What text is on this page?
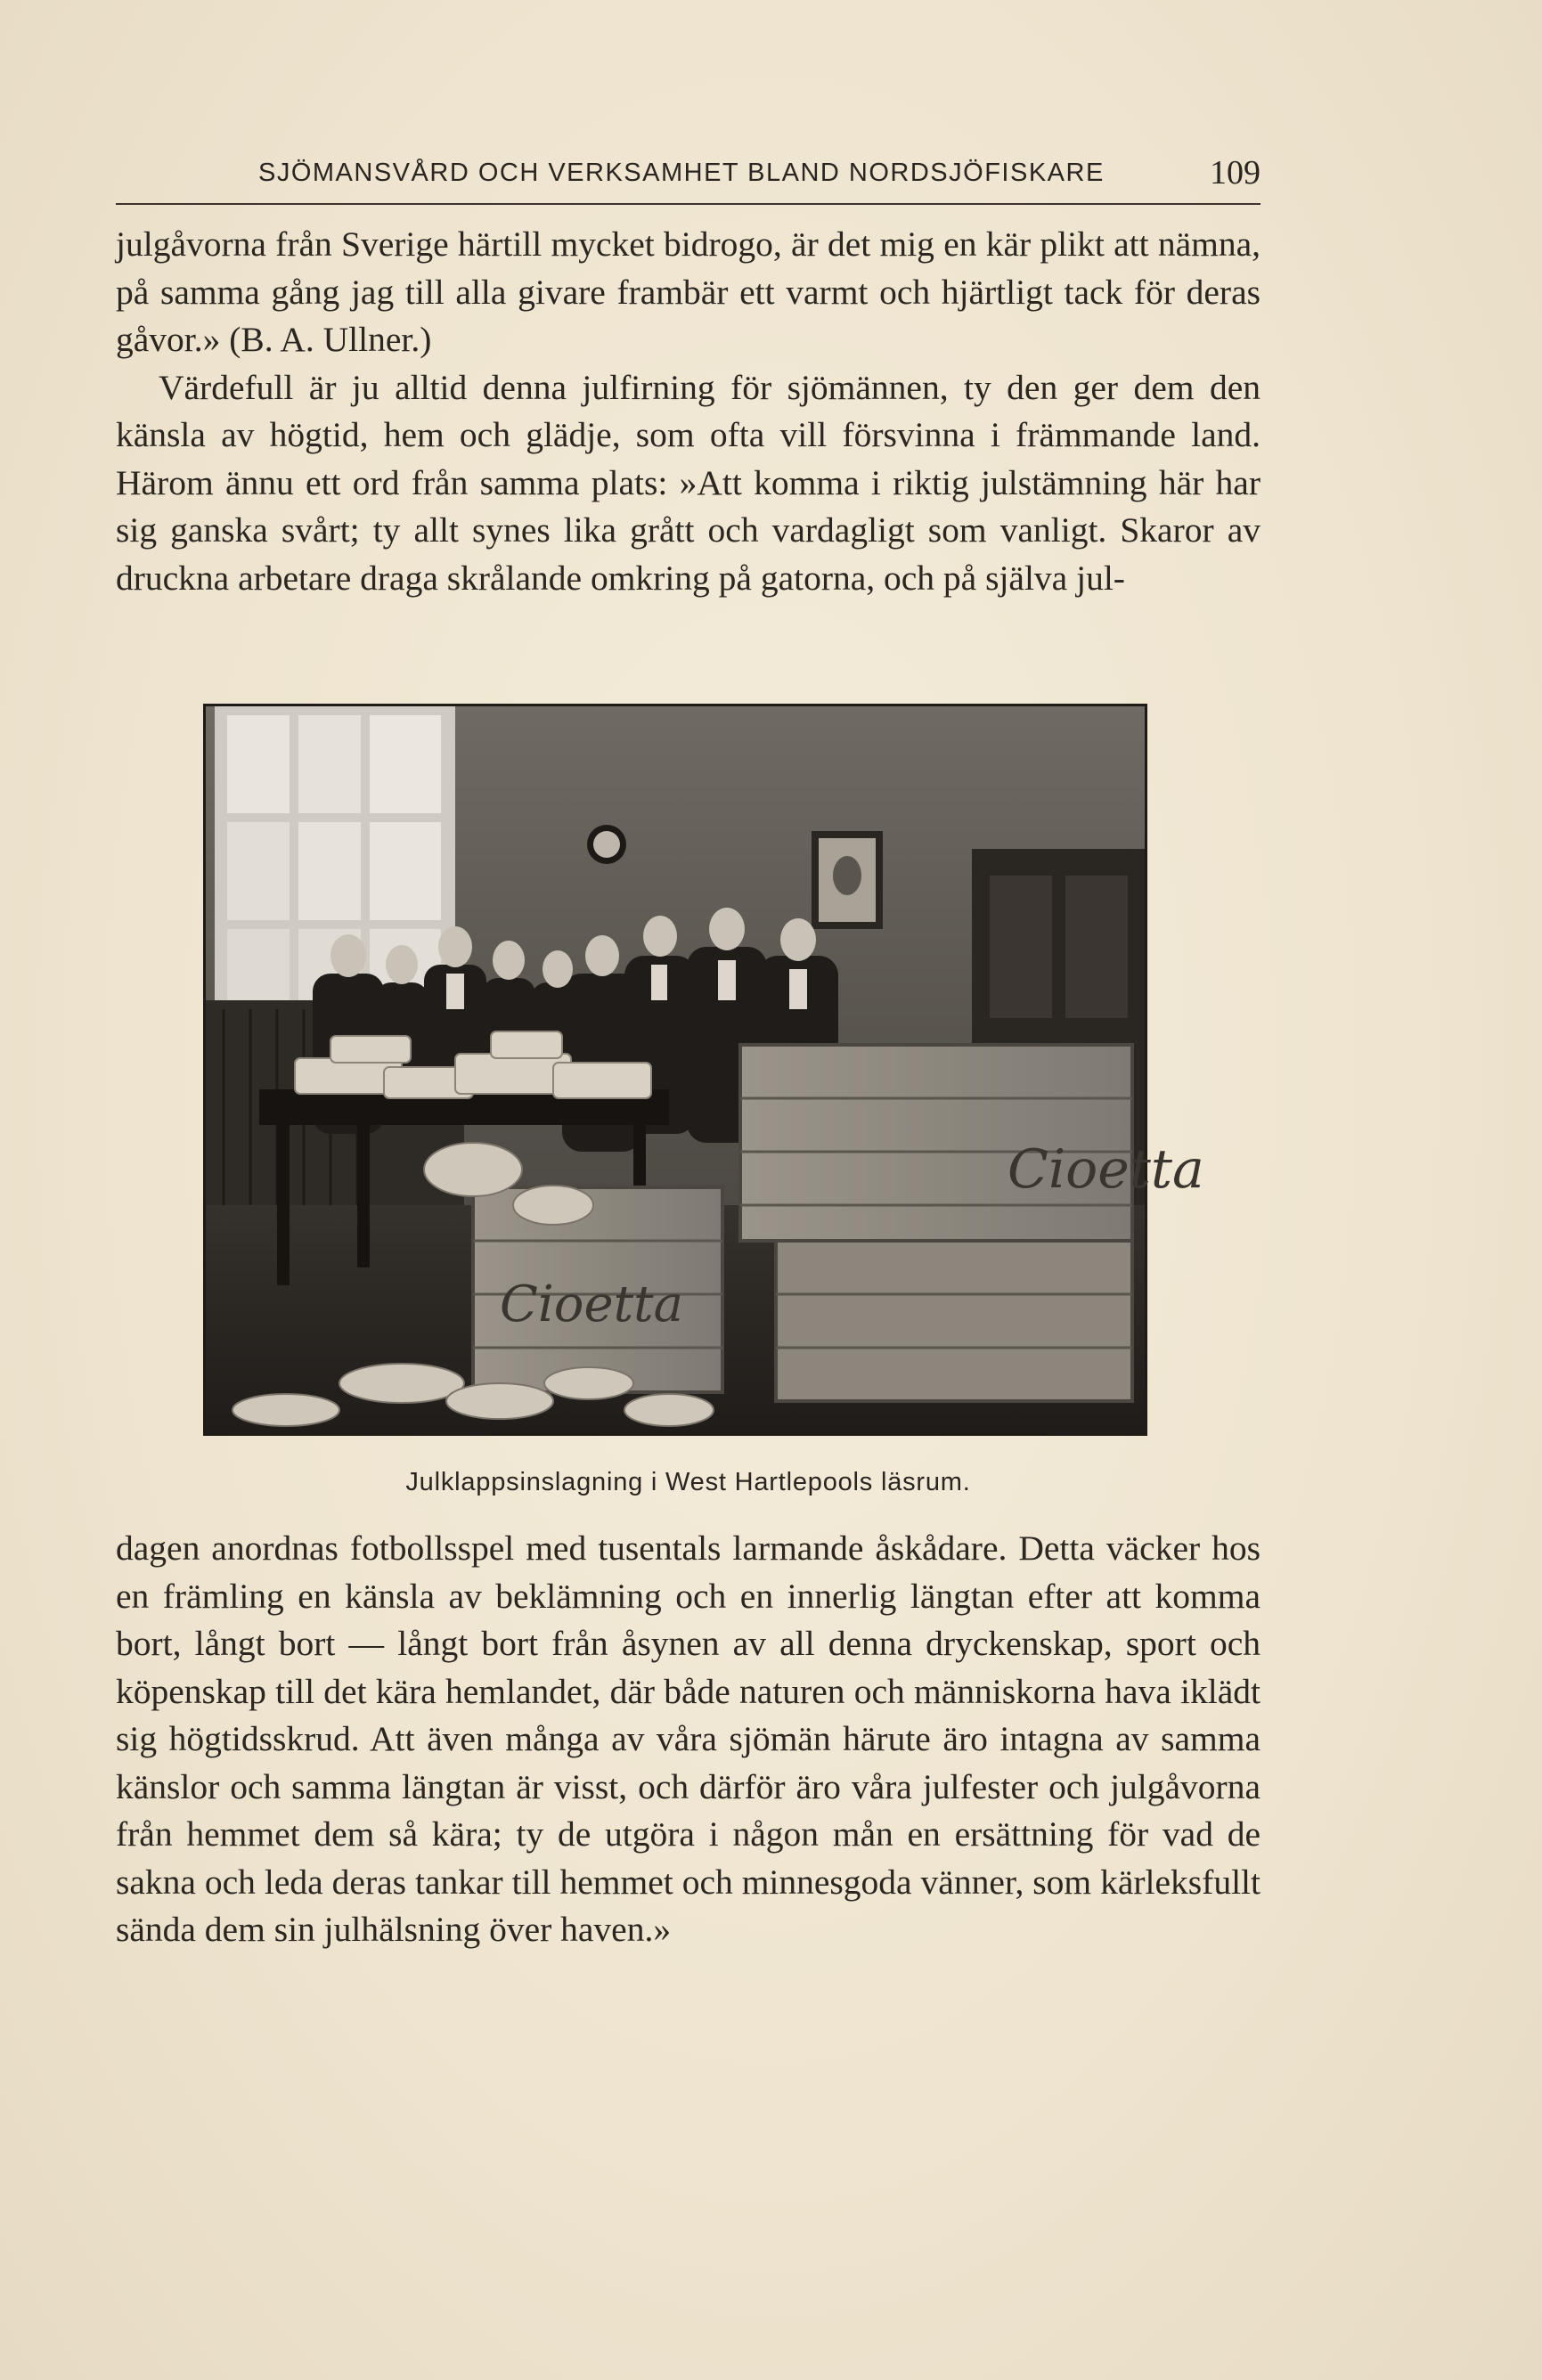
SJÖMANSVÅRD OCH VERKSAMHET BLAND NORDSJÖFISKARE	109

julgåvorna från Sverige härtill mycket bidrogo, är det mig en kär plikt att nämna, på samma gång jag till alla givare frambär ett varmt och hjärtligt tack för deras gåvor.» (B. A. Ullner.)

Värdefull är ju alltid denna julfirning för sjömännen, ty den ger dem den känsla av högtid, hem och glädje, som ofta vill försvinna i främmande land. Härom ännu ett ord från samma plats: »Att komma i riktig julstämning här har sig ganska svårt; ty allt synes lika grått och vardagligt som vanligt. Skaror av druckna arbetare draga skrålande omkring på gatorna, och på själva jul-

Cioetta
Cioetta
Julklappsinslagning i West Hartlepools läsrum.

dagen anordnas fotbollsspel med tusentals larmande åskådare. Detta väcker hos en främling en känsla av beklämning och en innerlig längtan efter att komma bort, långt bort — långt bort från åsynen av all denna dryckenskap, sport och köpenskap till det kära hemlandet, där både naturen och människorna hava iklädt sig högtidsskrud. Att även många av våra sjömän härute äro intagna av samma känslor och samma längtan är visst, och därför äro våra julfester och julgåvorna från hemmet dem så kära; ty de utgöra i någon mån en ersättning för vad de sakna och leda deras tankar till hemmet och minnesgoda vänner, som kärleksfullt sända dem sin julhälsning över haven.»
